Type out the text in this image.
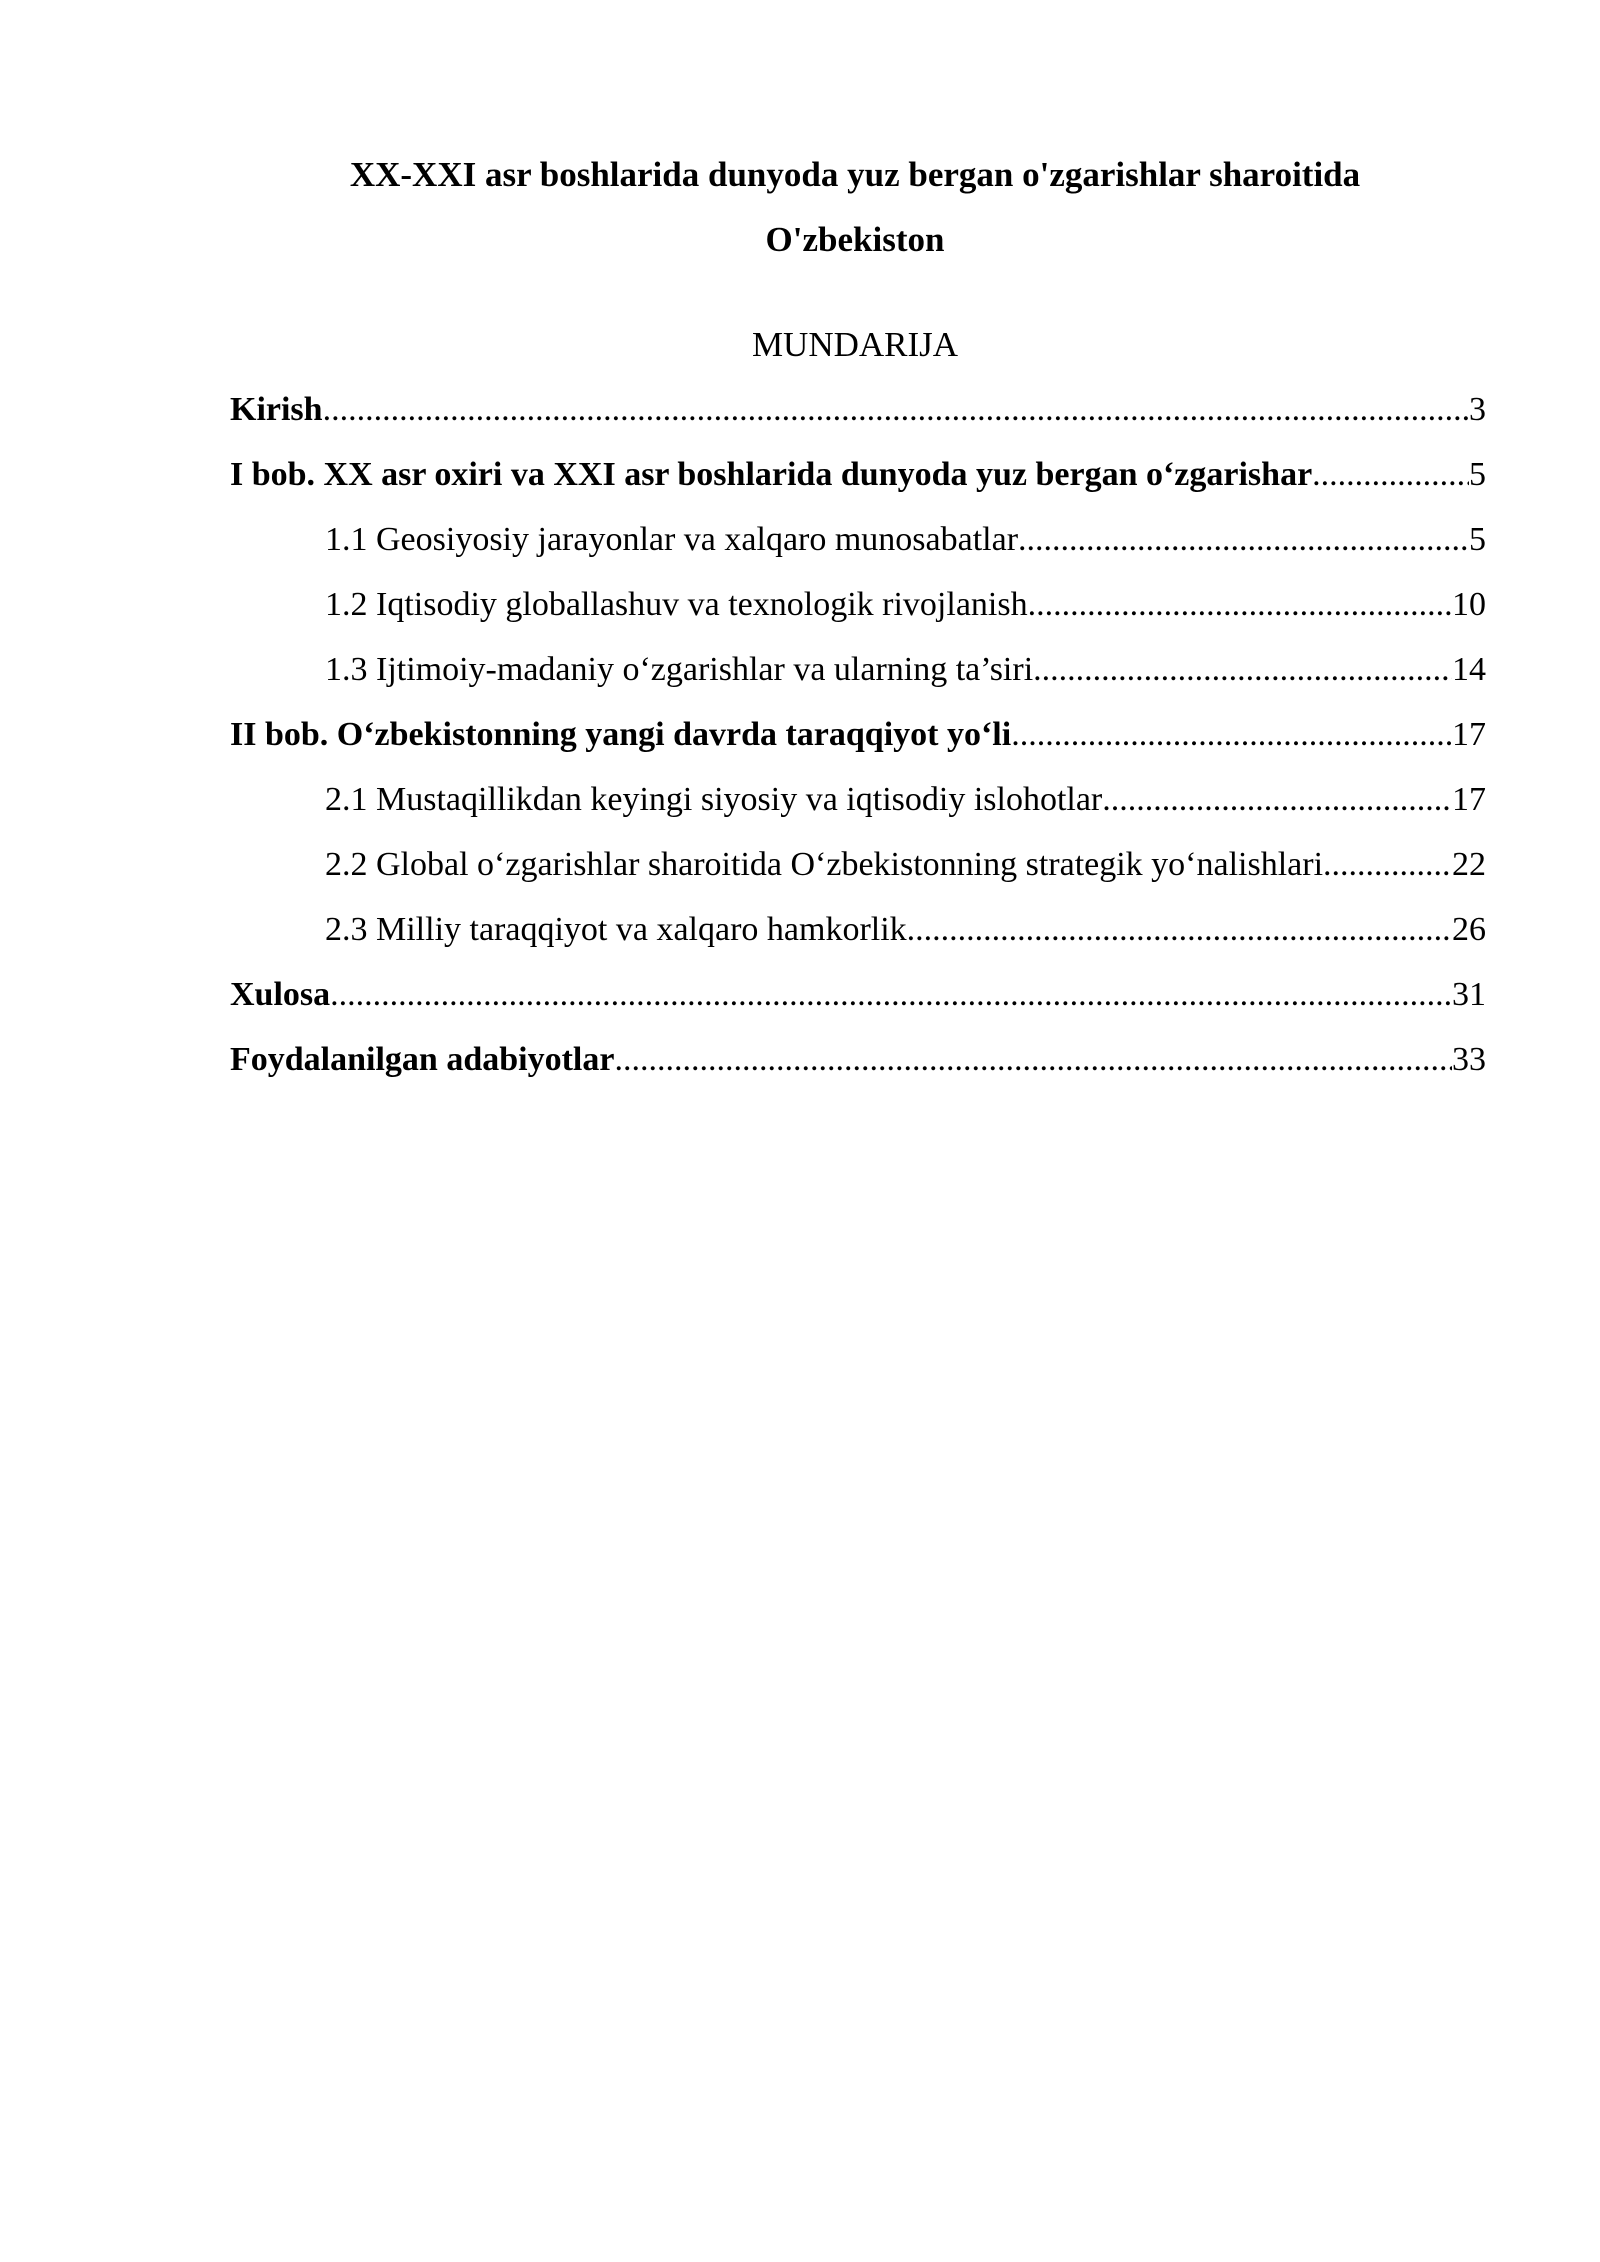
XX-XXI asr boshlarida dunyoda yuz bergan o'zgarishlar sharoitida
O'zbekiston
MUNDARIJA
Kirish .....	3
I bob. XX asr oxiri va XXI asr boshlarida dunyoda yuz bergan o‘zgarishar .....	5
1.1 Geosiyosiy jarayonlar va xalqaro munosabatlar .....	5
1.2 Iqtisodiy globallashuv va texnologik rivojlanish .....	10
1.3 Ijtimoiy-madaniy o‘zgarishlar va ularning ta’siri .....	14
II bob. O‘zbekistonning yangi davrda taraqqiyot yo‘li .....	17
2.1 Mustaqillikdan keyingi siyosiy va iqtisodiy islohotlar .....	17
2.2 Global o‘zgarishlar sharoitida O‘zbekistonning strategik yo‘nalishlari .....	22
2.3 Milliy taraqqiyot va xalqaro hamkorlik .....	26
Xulosa .....	31
Foydalanilgan adabiyotlar .....	33
